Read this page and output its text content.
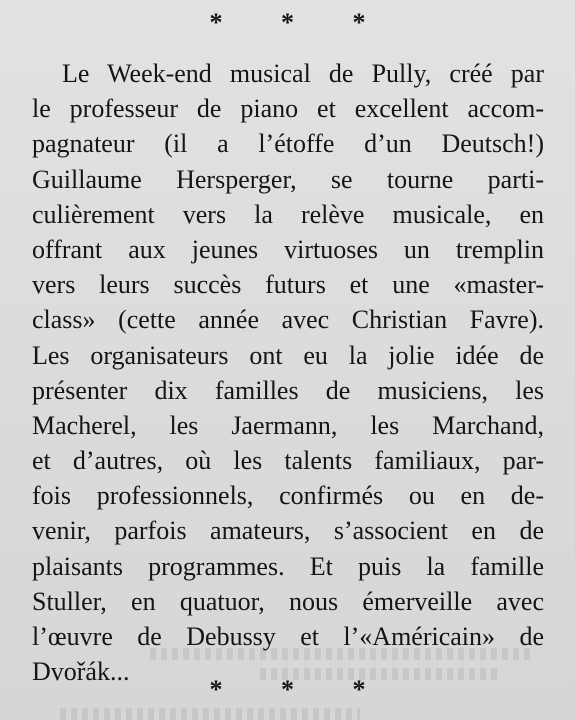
* * *
Le Week-end musical de Pully, créé par
le professeur de piano et excellent accom-
pagnateur (il a l’étoffe d’un Deutsch!)
Guillaume Hersperger, se tourne parti-
culièrement vers la relève musicale, en
offrant aux jeunes virtuoses un tremplin
vers leurs succès futurs et une «master-
class» (cette année avec Christian Favre).
Les organisateurs ont eu la jolie idée de
présenter dix familles de musiciens, les
Macherel, les Jaermann, les Marchand,
et d’autres, où les talents familiaux, par-
fois professionnels, confirmés ou en de-
venir, parfois amateurs, s’associent en de
plaisants programmes. Et puis la famille
Stuller, en quatuor, nous émerveille avec
l’œuvre de Debussy et l’«Américain» de
Dvořák...
* * *
